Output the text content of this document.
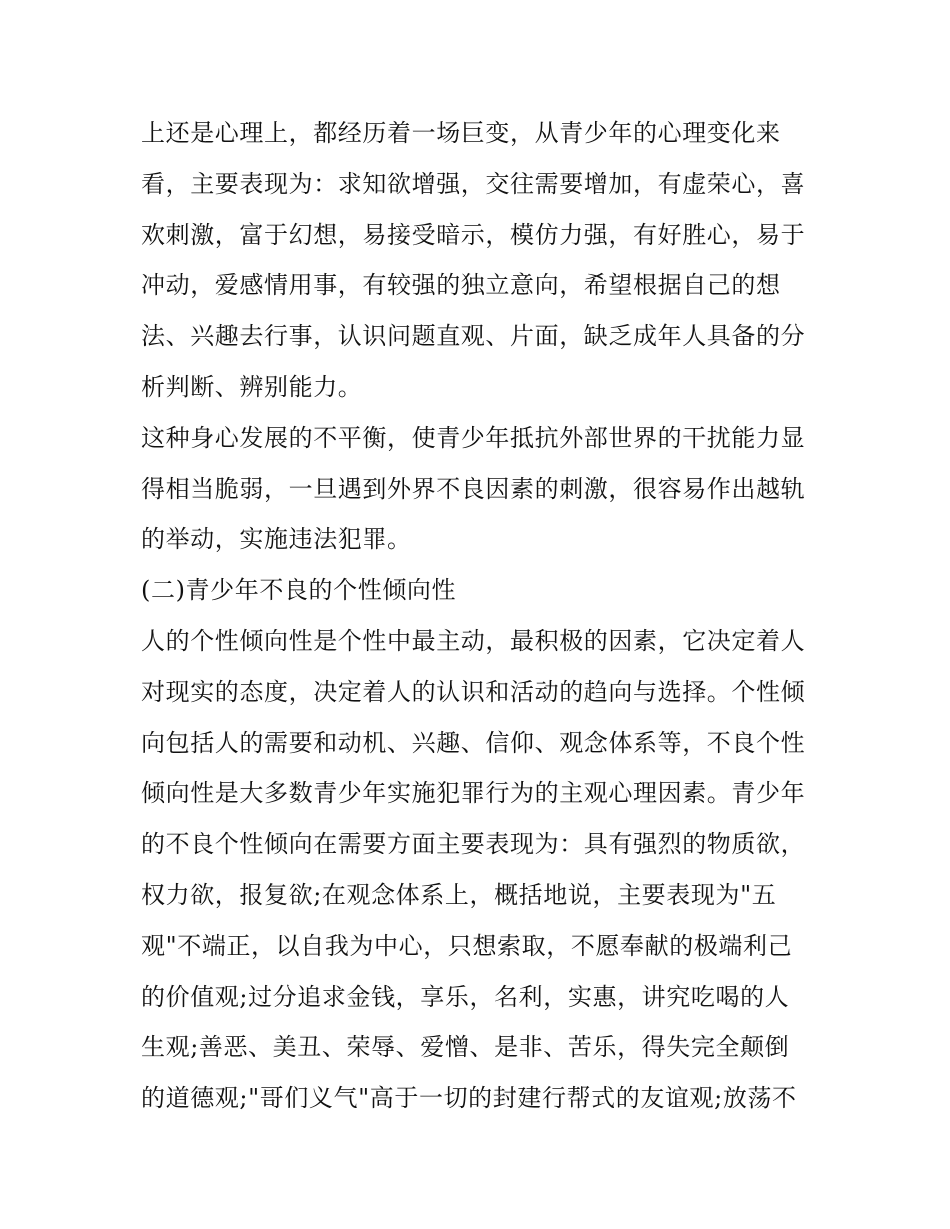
上还是心理上，都经历着一场巨变，从青少年的心理变化来
看，主要表现为：求知欲增强，交往需要增加，有虚荣心，喜
欢刺激，富于幻想，易接受暗示，模仿力强，有好胜心，易于
冲动，爱感情用事，有较强的独立意向，希望根据自己的想
法、兴趣去行事，认识问题直观、片面，缺乏成年人具备的分
析判断、辨别能力。
这种身心发展的不平衡，使青少年抵抗外部世界的干扰能力显
得相当脆弱，一旦遇到外界不良因素的刺激，很容易作出越轨
的举动，实施违法犯罪。
(二)青少年不良的个性倾向性
人的个性倾向性是个性中最主动，最积极的因素，它决定着人
对现实的态度，决定着人的认识和活动的趋向与选择。个性倾
向包括人的需要和动机、兴趣、信仰、观念体系等，不良个性
倾向性是大多数青少年实施犯罪行为的主观心理因素。青少年
的不良个性倾向在需要方面主要表现为：具有强烈的物质欲，
权力欲，报复欲;在观念体系上，概括地说，主要表现为"五
观"不端正，以自我为中心，只想索取，不愿奉献的极端利己
的价值观;过分追求金钱，享乐，名利，实惠，讲究吃喝的人
生观;善恶、美丑、荣辱、爱憎、是非、苦乐，得失完全颠倒
的道德观;"哥们义气"高于一切的封建行帮式的友谊观;放荡不
